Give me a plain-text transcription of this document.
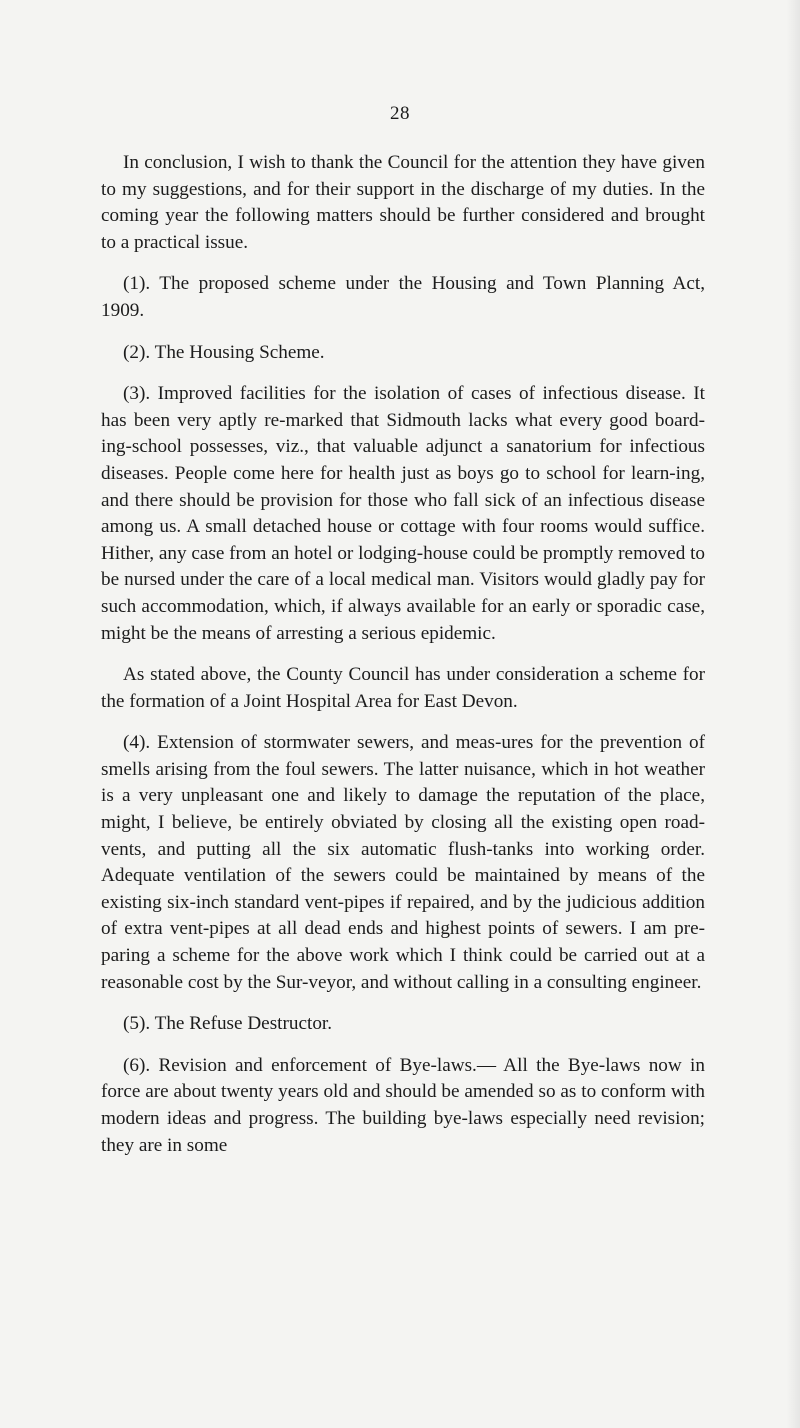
28

In conclusion, I wish to thank the Council for the attention they have given to my suggestions, and for their support in the discharge of my duties. In the coming year the following matters should be further considered and brought to a practical issue.

(1). The proposed scheme under the Housing and Town Planning Act, 1909.

(2). The Housing Scheme.

(3). Improved facilities for the isolation of cases of infectious disease. It has been very aptly re-marked that Sidmouth lacks what every good board-ing-school possesses, viz., that valuable adjunct a sanatorium for infectious diseases. People come here for health just as boys go to school for learn-ing, and there should be provision for those who fall sick of an infectious disease among us. A small detached house or cottage with four rooms would suffice. Hither, any case from an hotel or lodging-house could be promptly removed to be nursed under the care of a local medical man. Visitors would gladly pay for such accommodation, which, if always available for an early or sporadic case, might be the means of arresting a serious epidemic.

As stated above, the County Council has under consideration a scheme for the formation of a Joint Hospital Area for East Devon.

(4). Extension of stormwater sewers, and meas-ures for the prevention of smells arising from the foul sewers. The latter nuisance, which in hot weather is a very unpleasant one and likely to damage the reputation of the place, might, I believe, be entirely obviated by closing all the existing open road-vents, and putting all the six automatic flush-tanks into working order. Adequate ventilation of the sewers could be maintained by means of the existing six-inch standard vent-pipes if repaired, and by the judicious addition of extra vent-pipes at all dead ends and highest points of sewers. I am pre-paring a scheme for the above work which I think could be carried out at a reasonable cost by the Sur-veyor, and without calling in a consulting engineer.

(5). The Refuse Destructor.

(6). Revision and enforcement of Bye-laws.— All the Bye-laws now in force are about twenty years old and should be amended so as to conform with modern ideas and progress. The building bye-laws especially need revision; they are in some
